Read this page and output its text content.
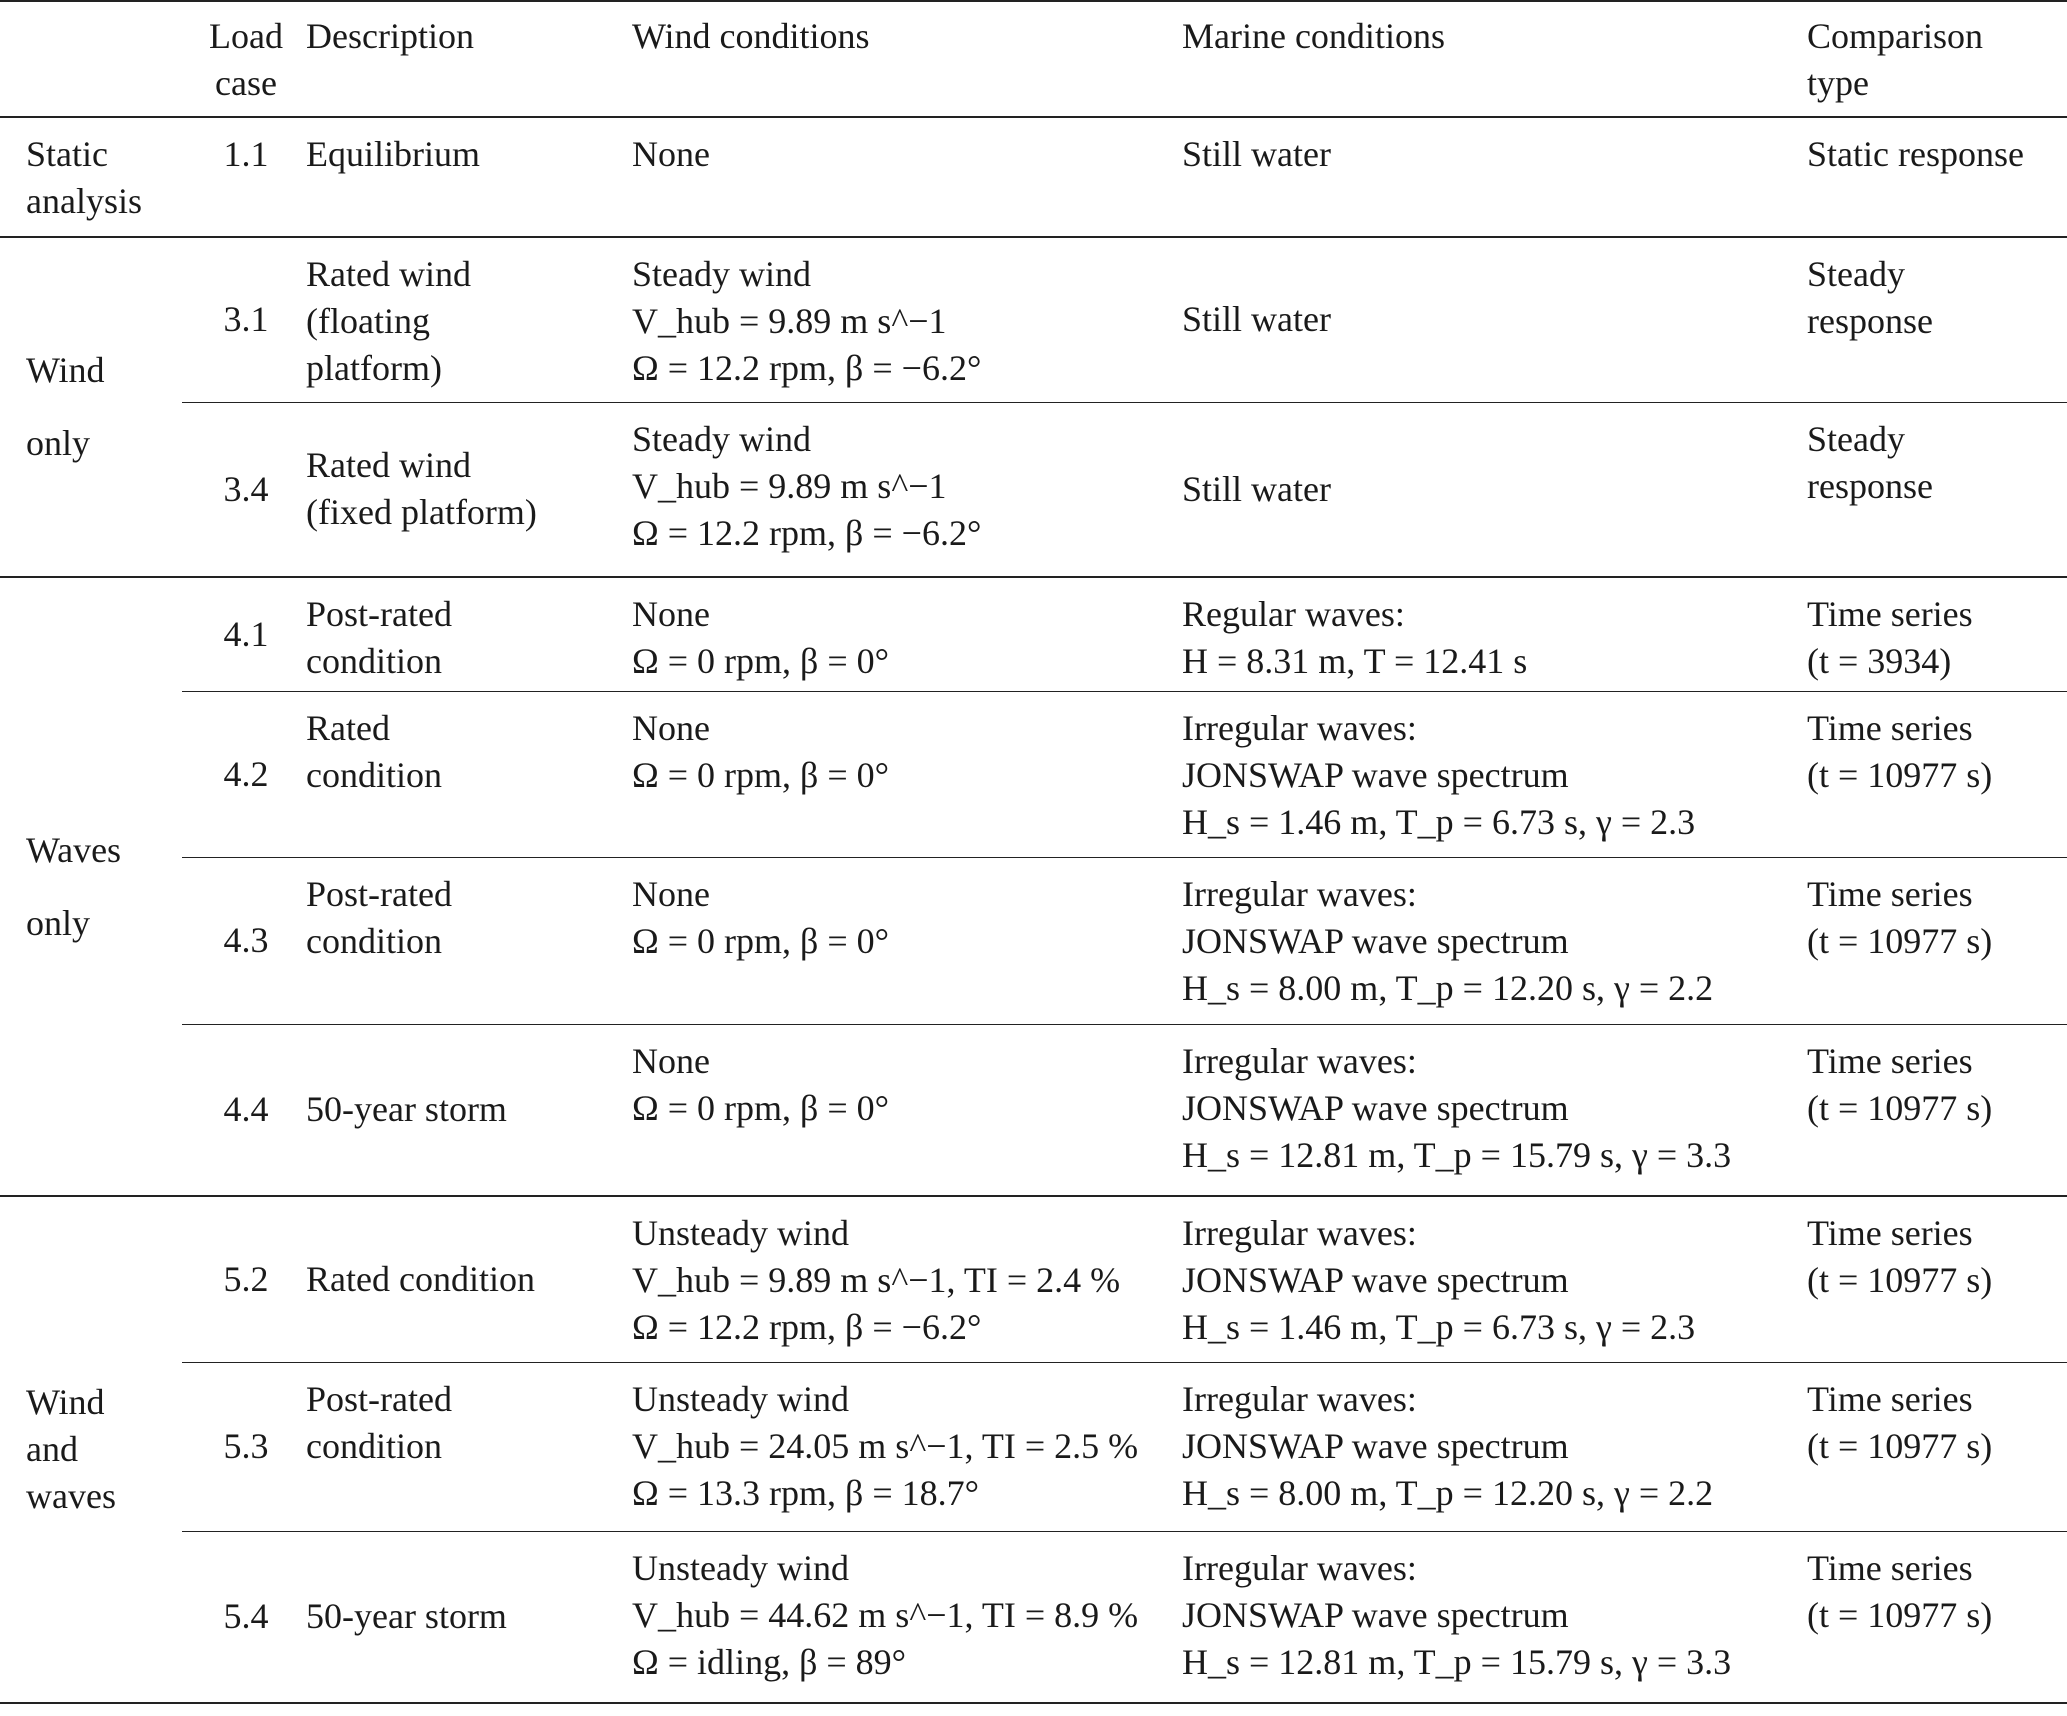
	Load
case	Description	Wind conditions	Marine conditions	Comparison
type

Static
analysis	1.1	Equilibrium	None	Still water	Static response

Wind
only	3.1	Rated wind
(floating
platform)	Steady wind
V_hub = 9.89 m s^−1
Ω = 12.2 rpm, β = −6.2°	Still water	Steady
response

	3.4	Rated wind
(fixed platform)	Steady wind
V_hub = 9.89 m s^−1
Ω = 12.2 rpm, β = −6.2°	Still water	Steady
response

Waves
only	4.1	Post-rated
condition	None
Ω = 0 rpm, β = 0°	Regular waves:
H = 8.31 m, T = 12.41 s	Time series
(t = 3934)

	4.2	Rated
condition	None
Ω = 0 rpm, β = 0°	Irregular waves:
JONSWAP wave spectrum
H_s = 1.46 m, T_p = 6.73 s, γ = 2.3	Time series
(t = 10977 s)

	4.3	Post-rated
condition	None
Ω = 0 rpm, β = 0°	Irregular waves:
JONSWAP wave spectrum
H_s = 8.00 m, T_p = 12.20 s, γ = 2.2	Time series
(t = 10977 s)

	4.4	50-year storm	None
Ω = 0 rpm, β = 0°	Irregular waves:
JONSWAP wave spectrum
H_s = 12.81 m, T_p = 15.79 s, γ = 3.3	Time series
(t = 10977 s)

Wind
and
waves	5.2	Rated condition	Unsteady wind
V_hub = 9.89 m s^−1, TI = 2.4 %
Ω = 12.2 rpm, β = −6.2°	Irregular waves:
JONSWAP wave spectrum
H_s = 1.46 m, T_p = 6.73 s, γ = 2.3	Time series
(t = 10977 s)

	5.3	Post-rated
condition	Unsteady wind
V_hub = 24.05 m s^−1, TI = 2.5 %
Ω = 13.3 rpm, β = 18.7°	Irregular waves:
JONSWAP wave spectrum
H_s = 8.00 m, T_p = 12.20 s, γ = 2.2	Time series
(t = 10977 s)

	5.4	50-year storm	Unsteady wind
V_hub = 44.62 m s^−1, TI = 8.9 %
Ω = idling, β = 89°	Irregular waves:
JONSWAP wave spectrum
H_s = 12.81 m, T_p = 15.79 s, γ = 3.3	Time series
(t = 10977 s)
